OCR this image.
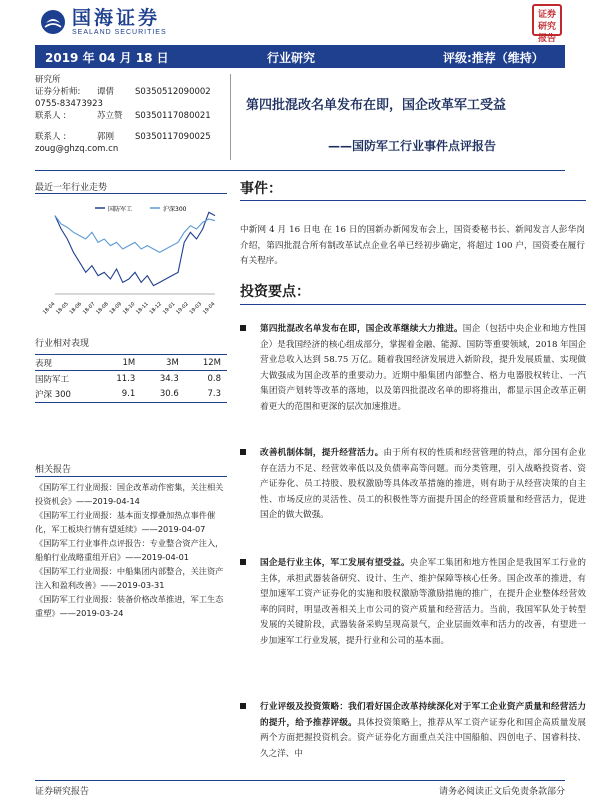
国海证券
SEALAND SECURITIES
证券研究报告
2019 年 04 月 18 日	行业研究	评级:推荐（维持）
研究所
证券分析师:	谭倩	S0350512090002
0755-83473923
联系人 :	苏立赞	S0350117080021
联系人 :	郭刚	S0350117090025
zoug@ghzq.com.cn
第四批混改名单发布在即，国企改革军工受益
——国防军工行业事件点评报告
最近一年行业走势
国防军工	沪深300
18-04
18-05
18-06
18-07
18-08
18-09
18-10
18-11
18-12
19-01
19-02
19-03
19-04
行业相对表现
表现	1M	3M	12M
国防军工	11.3	34.3	0.8
沪深 300	9.1	30.6	7.3
相关报告
《国防军工行业周报：国企改革动作密集，关注相关投资机会》——2019-04-14
《国防军工行业周报：基本面支撑叠加热点事件催化，军工板块行情有望延续》——2019-04-07
《国防军工行业事件点评报告：专业整合资产注入，船舶行业战略重组开启》——2019-04-01
《国防军工行业周报：中船集团内部整合，关注资产注入和盈利改善》——2019-03-31
《国防军工行业周报：装备价格改革推进，军工生态重塑》——2019-03-24
事件：
中新网 4 月 16 日电 在 16 日的国新办新闻发布会上，国资委秘书长、新闻发言人彭华岗介绍，第四批混合所有制改革试点企业名单已经初步确定，将超过 100 户，国资委在履行有关程序。
投资要点：
第四批混改名单发布在即，国企改革继续大力推进。国企（包括中央企业和地方性国企）是我国经济的核心组成部分，掌握着金融、能源、国防等重要领域，2018 年国企营业总收入达到 58.75 万亿。随着我国经济发展进入新阶段，提升发展质量、实现做大做强成为国企改革的重要动力。近期中船集团内部整合、格力电器股权转让、一汽集团资产划转等改革的落地，以及第四批混改名单的即将推出，都显示国企改革正朝着更大的范围和更深的层次加速推进。
改善机制体制，提升经营活力。由于所有权的性质和经营管理的特点，部分国有企业存在活力不足、经营效率低以及负债率高等问题。而分类管理，引入战略投资者、资产证券化、员工持股、股权激励等具体改革措施的推进，则有助于从经营决策的自主性、市场反应的灵活性、员工的积极性等方面提升国企的经营质量和经营活力，促进国企的做大做强。
国企是行业主体，军工发展有望受益。央企军工集团和地方性国企是我国军工行业的主体，承担武器装备研究、设计、生产、维护保障等核心任务。国企改革的推进，有望加速军工资产证券化的实施和股权激励等激励措施的推广，在提升企业整体经营效率的同时，明显改善相关上市公司的资产质量和经营活力。当前，我国军队处于转型发展的关键阶段，武器装备采购呈现高景气，企业层面效率和活力的改善，有望进一步加速军工行业发展，提升行业和公司的基本面。
行业评级及投资策略：我们看好国企改革持续深化对于军工企业资产质量和经营活力的提升，给予推荐评级。具体投资策略上，推荐从军工资产证券化和国企高质量发展两个方面把握投资机会。资产证券化方面重点关注中国船舶、四创电子、国睿科技、久之洋、中
证券研究报告	请务必阅读正文后免责条款部分
